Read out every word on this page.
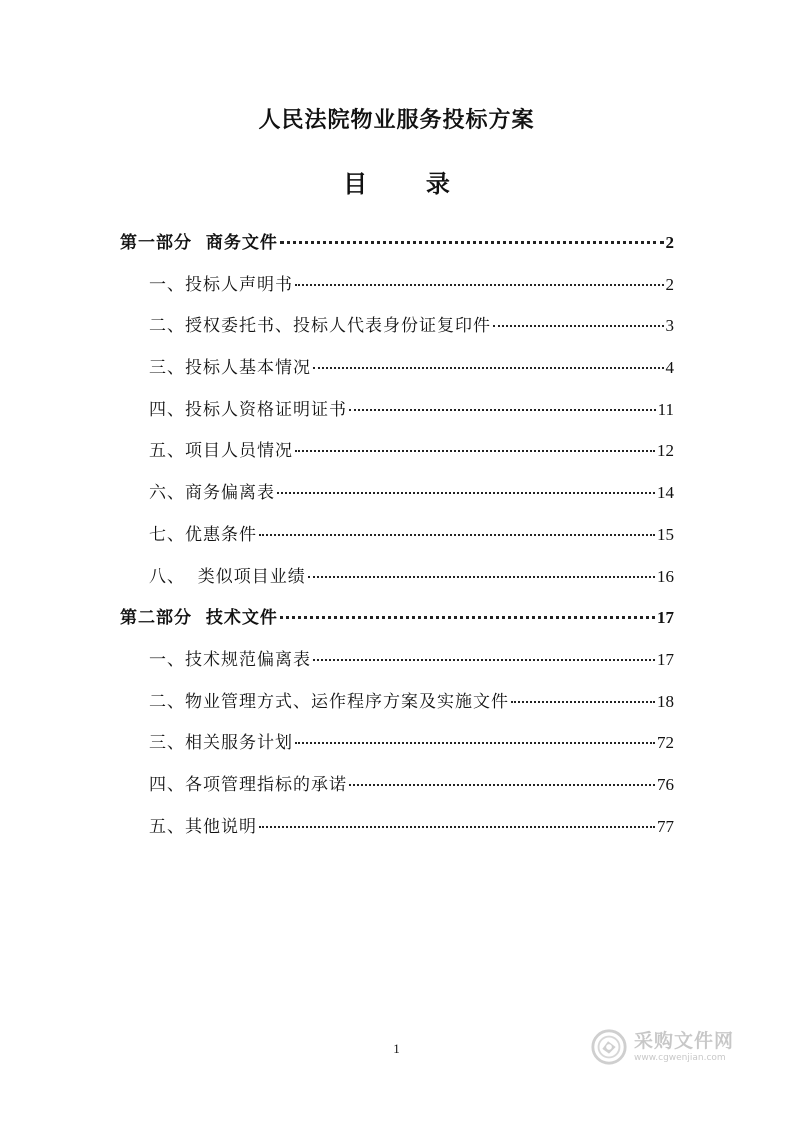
人民法院物业服务投标方案
目  录
第一部分  商务文件	2
一、投标人声明书	2
二、授权委托书、投标人代表身份证复印件	3
三、投标人基本情况	4
四、投标人资格证明证书	11
五、项目人员情况	12
六、商务偏离表	14
七、优惠条件	15
八、  类似项目业绩	16
第二部分  技术文件	17
一、技术规范偏离表	17
二、物业管理方式、运作程序方案及实施文件	18
三、相关服务计划	72
四、各项管理指标的承诺	76
五、其他说明	77
1	采购文件网
www.cgwenjian.com
